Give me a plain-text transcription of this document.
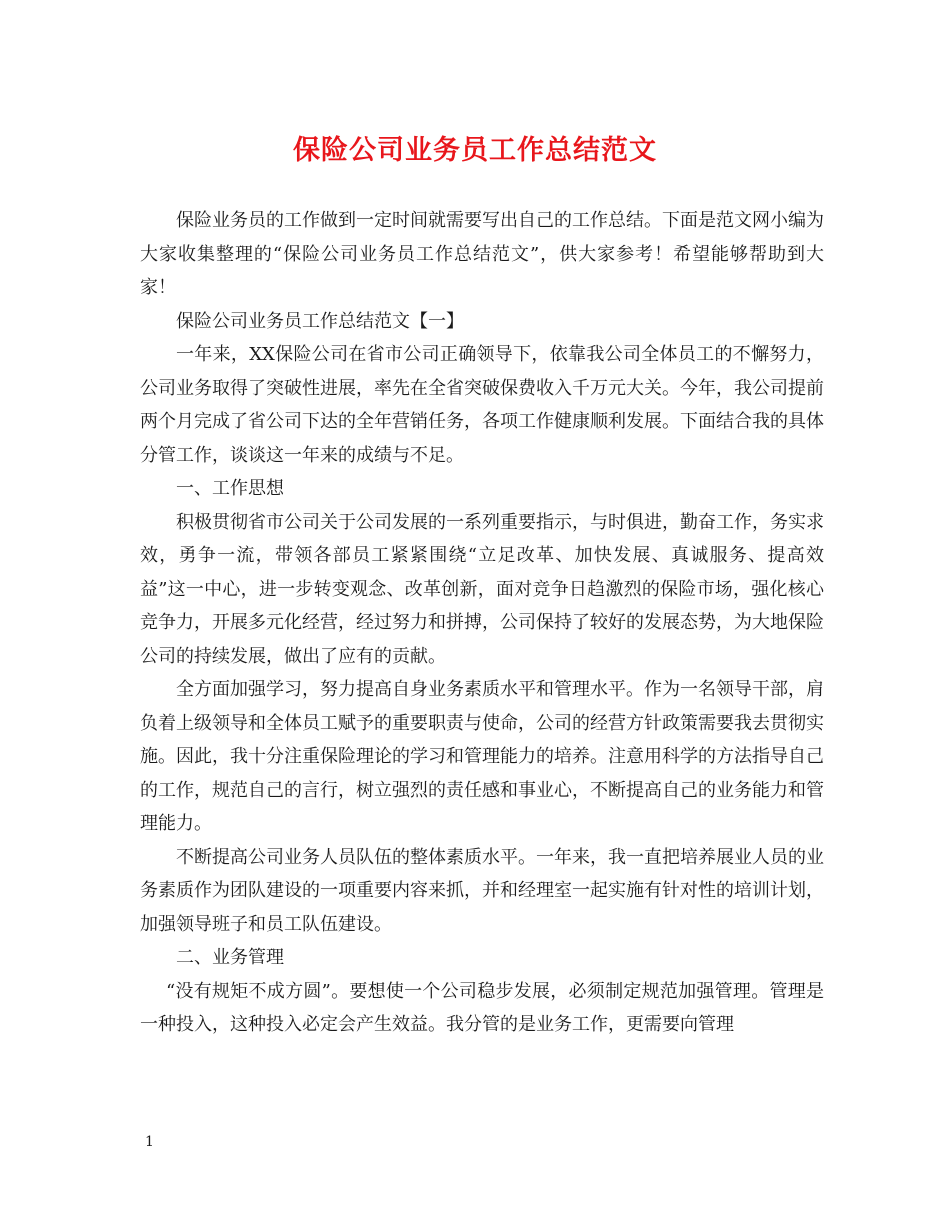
保险公司业务员工作总结范文

保险业务员的工作做到一定时间就需要写出自己的工作总结。下面是范文网小编为大家收集整理的“保险公司业务员工作总结范文”，供大家参考！希望能够帮助到大家！

保险公司业务员工作总结范文【一】

一年来，XX保险公司在省市公司正确领导下，依靠我公司全体员工的不懈努力，公司业务取得了突破性进展，率先在全省突破保费收入千万元大关。今年，我公司提前两个月完成了省公司下达的全年营销任务，各项工作健康顺利发展。下面结合我的具体分管工作，谈谈这一年来的成绩与不足。

一、工作思想

积极贯彻省市公司关于公司发展的一系列重要指示，与时俱进，勤奋工作，务实求效，勇争一流，带领各部员工紧紧围绕“立足改革、加快发展、真诚服务、提高效益”这一中心，进一步转变观念、改革创新，面对竞争日趋激烈的保险市场，强化核心竞争力，开展多元化经营，经过努力和拼搏，公司保持了较好的发展态势，为大地保险公司的持续发展，做出了应有的贡献。

全方面加强学习，努力提高自身业务素质水平和管理水平。作为一名领导干部，肩负着上级领导和全体员工赋予的重要职责与使命，公司的经营方针政策需要我去贯彻实施。因此，我十分注重保险理论的学习和管理能力的培养。注意用科学的方法指导自己的工作，规范自己的言行，树立强烈的责任感和事业心，不断提高自己的业务能力和管理能力。

不断提高公司业务人员队伍的整体素质水平。一年来，我一直把培养展业人员的业务素质作为团队建设的一项重要内容来抓，并和经理室一起实施有针对性的培训计划，加强领导班子和员工队伍建设。

二、业务管理

“没有规矩不成方圆”。要想使一个公司稳步发展，必须制定规范加强管理。管理是一种投入，这种投入必定会产生效益。我分管的是业务工作，更需要向管理

1
